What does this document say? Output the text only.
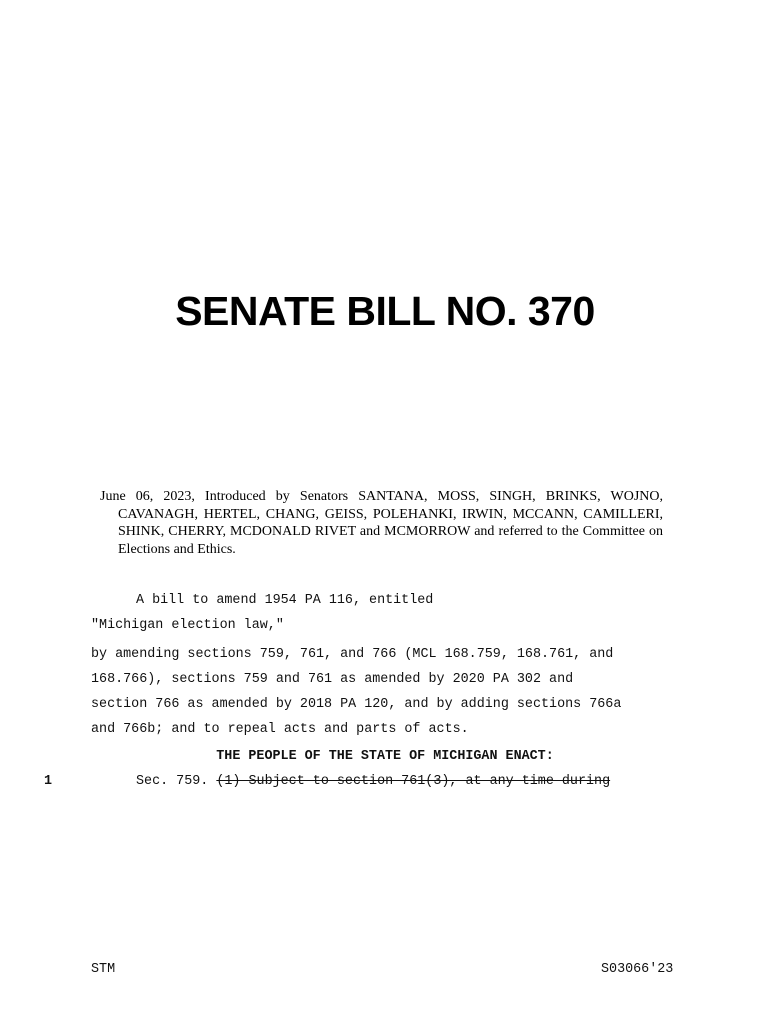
SENATE BILL NO. 370
June 06, 2023, Introduced by Senators SANTANA, MOSS, SINGH, BRINKS, WOJNO, CAVANAGH, HERTEL, CHANG, GEISS, POLEHANKI, IRWIN, MCCANN, CAMILLERI, SHINK, CHERRY, MCDONALD RIVET and MCMORROW and referred to the Committee on Elections and Ethics.
A bill to amend 1954 PA 116, entitled
"Michigan election law,"
by amending sections 759, 761, and 766 (MCL 168.759, 168.761, and
168.766), sections 759 and 761 as amended by 2020 PA 302 and
section 766 as amended by 2018 PA 120, and by adding sections 766a
and 766b; and to repeal acts and parts of acts.
THE PEOPLE OF THE STATE OF MICHIGAN ENACT:
1	Sec. 759. (1) Subject to section 761(3), at any time during
STM	S03066'23
